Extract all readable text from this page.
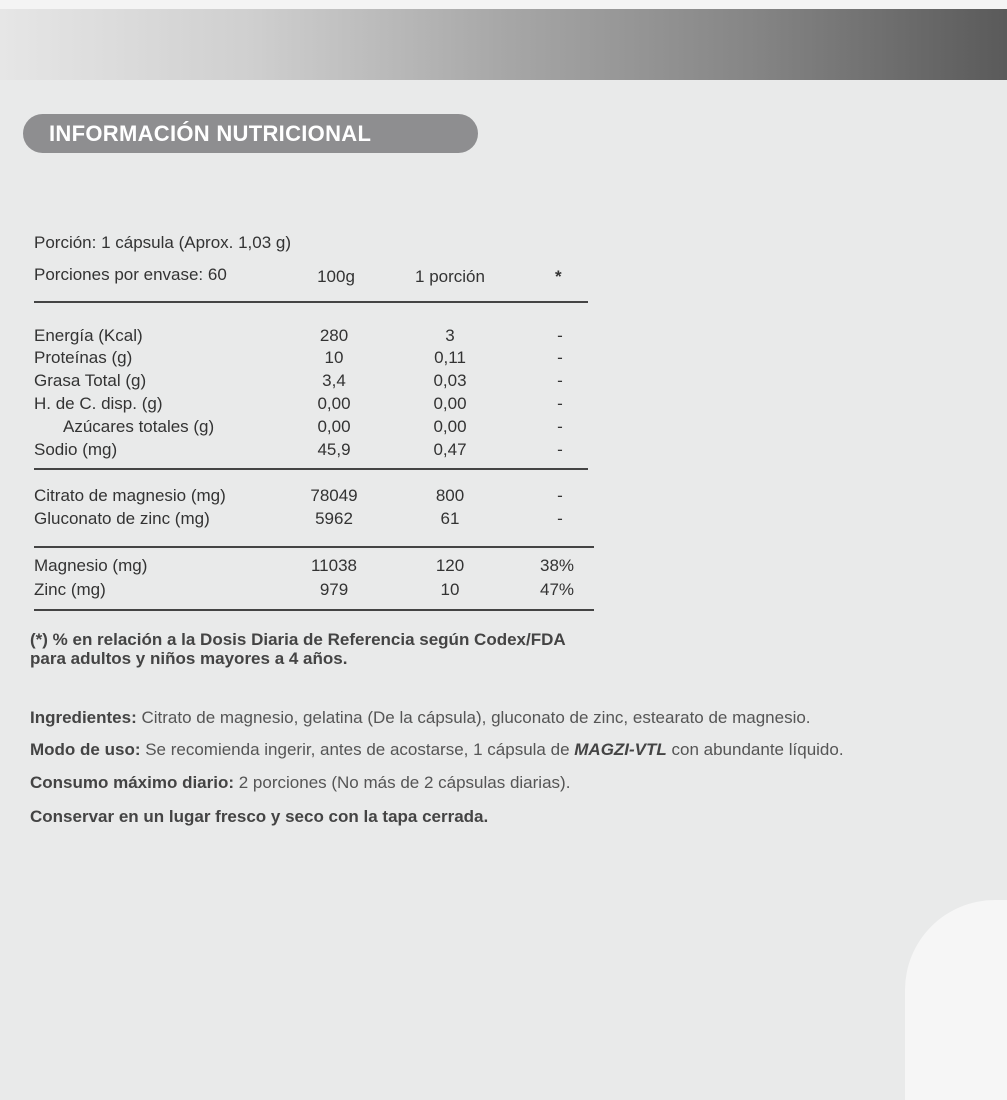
INFORMACIÓN NUTRICIONAL
Porción: 1 cápsula (Aprox. 1,03 g)
Porciones por envase: 60	100g	1 porción	*
Energía (Kcal)	280	3	-
Proteínas (g)	10	0,11	-
Grasa Total (g)	3,4	0,03	-
H. de C. disp. (g)	0,00	0,00	-
Azúcares totales (g)	0,00	0,00	-
Sodio (mg)	45,9	0,47	-
Citrato de magnesio (mg)	78049	800	-
Gluconato de zinc (mg)	5962	61	-
Magnesio (mg)	11038	120	38%
Zinc (mg)	979	10	47%
(*) % en relación a la Dosis Diaria de Referencia según Codex/FDA
para adultos y niños mayores a 4 años.
Ingredientes: Citrato de magnesio, gelatina (De la cápsula), gluconato de zinc, estearato de magnesio.
Modo de uso: Se recomienda ingerir, antes de acostarse, 1 cápsula de MAGZI-VTL con abundante líquido.
Consumo máximo diario: 2 porciones (No más de 2 cápsulas diarias).
Conservar en un lugar fresco y seco con la tapa cerrada.
